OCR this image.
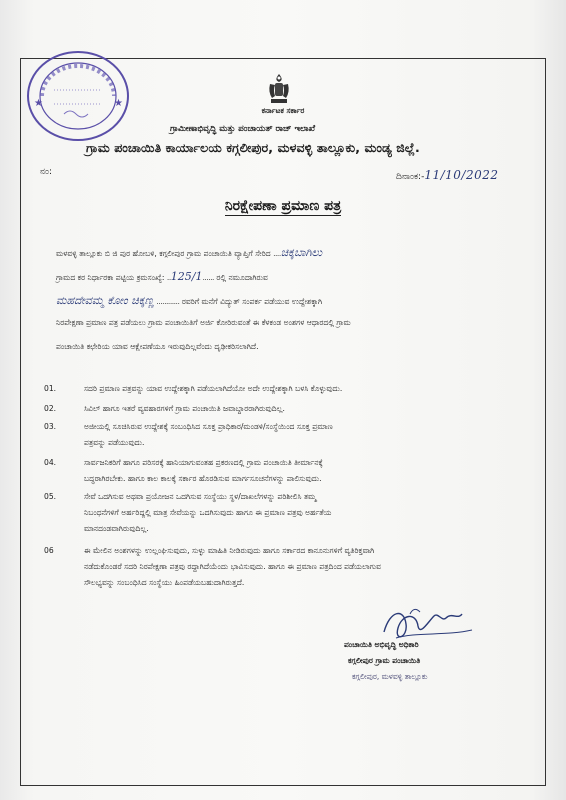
★	★
ಕರ್ನಾಟಕ ಸರ್ಕಾರ
ಗ್ರಾಮೀಣಾಭಿವೃದ್ಧಿ ಮತ್ತು ಪಂಚಾಯತ್ ರಾಜ್ ಇಲಾಖೆ
ಗ್ರಾಮ ಪಂಚಾಯಿತಿ ಕಾರ್ಯಾಲಯ ಕಗ್ಗಲೀಪುರ, ಮಳವಳ್ಳಿ ತಾಲ್ಲೂಕು, ಮಂಡ್ಯ ಜಿಲ್ಲೆ.
ನಂ:	ದಿನಾಂಕ:-11/10/2022
ನಿರಕ್ಷೇಪಣಾ ಪ್ರಮಾಣ ಪತ್ರ
ಮಳವಳ್ಳಿ ತಾಲ್ಲೂಕು ಬಿ ಜಿ ಪುರ ಹೋಬಳಿ, ಕಗ್ಗಲೀಪುರ ಗ್ರಾಮ ಪಂಚಾಯಿತಿ ವ್ಯಾಪ್ತಿಗೆ ಸೇರಿದ ....ಚಿಕ್ಕಬಾಗಿಲು
ಗ್ರಾಮದ ಕರ ನಿರ್ಧಾರಕಾ ಪಟ್ಟಿಯ ಕ್ರಮಸಂಖ್ಯೆ: ..125/1...... ರಲ್ಲಿ ನಮೂದಾಗಿರುವ
ಮಹದೇವಮ್ಮ ಕೋಂ ಚಿಕ್ಕಣ್ಣ ............ ರವರಿಗೆ ಮನೆಗೆ ವಿದ್ಯುತ್ ಸಂಪರ್ಕ ಪಡೆಯುವ ಉದ್ದೇಶಕ್ಕಾಗಿ
ನಿರಪೇಕ್ಷಣಾ ಪ್ರಮಾಣ ಪತ್ರ ಪಡೆಯಲು ಗ್ರಾಮ ಪಂಚಾಯಿತಿಗೆ ಅರ್ಜಿ ಕೋರಿರುವಂತೆ ಈ ಕೆಳಕಂಡ ಅಂಶಗಳ ಆಧಾರದಲ್ಲಿ ಗ್ರಾಮ
ಪಂಚಾಯಿತಿ ಕಛೇರಿಯ ಯಾವ ಆಕ್ಷೇಪಣೆಯೂ ಇರುವುದಿಲ್ಲವೆಂದು ದೃಢೀಕರಿಸಲಾಗಿದೆ.
01.	ಸದರಿ ಪ್ರಮಾಣ ಪತ್ರವನ್ನು ಯಾವ ಉದ್ದೇಶಕ್ಕಾಗಿ ಪಡೆಯಲಾಗಿದೆಯೋ ಅದೇ ಉದ್ದೇಶಕ್ಕಾಗಿ ಬಳಸಿ ಕೊಳ್ಳುವುದು.
02.	ಸಿವಿಲ್ ಹಾಗೂ ಇತರೆ ವ್ಯವಹಾರಗಳಿಗೆ ಗ್ರಾಮ ಪಂಚಾಯಿತಿ ಜವಾಬ್ದಾರರಾಗಿರುವುದಿಲ್ಲ.
03.	ಅಜೀಯಲ್ಲಿ ಸೂಚಿಸಿರುವ ಉದ್ದೇಶಕ್ಕೆ ಸಂಬಂಧಿಸಿದ ಸೂಕ್ತ ಪ್ರಾಧಿಕಾರ/ಮಂಡಳಿ/ಸಂಸ್ಥೆಯಿಂದ ಸೂಕ್ತ ಪ್ರಮಾಣ
ಪತ್ರವನ್ನು ಪಡೆಯುವುದು.
04.	ಸಾರ್ವಜನಿಕರಿಗೆ ಹಾಗೂ ಪರಿಸರಕ್ಕೆ ಹಾನಿಯಾಗುವಂತಹ ಪ್ರಕರಣದಲ್ಲಿ ಗ್ರಾಮ ಪಂಚಾಯಿತಿ ತೀರ್ಮಾನಕ್ಕೆ
ಬದ್ಧರಾಗಿರಬೇಕು. ಹಾಗೂ ಕಾಲ ಕಾಲಕ್ಕೆ ಸರ್ಕಾರ ಹೊರಡಿಸುವ ಮಾರ್ಗಸೂಚನೆಗಳನ್ನು ಪಾಲಿಸುವುದು.
05.	ಸೇವೆ ಒದಗಿಸುವ ಅಥವಾ ಪ್ರಯೋಜನ ಒದಗಿಸುವ ಸಂಸ್ಥೆಯು ಸ್ಥಳ/ದಾಖಲೆಗಳನ್ನು ಪರಿಶೀಲಿಸಿ ತಮ್ಮ
ನಿಬಂಧನೆಗಳಿಗೆ ಅರ್ಹರಿದ್ದಲ್ಲಿ ಮಾತ್ರ ಸೇವೆಯನ್ನು ಒದಗಿಸುವುದು ಹಾಗೂ ಈ ಪ್ರಮಾಣ ಪತ್ರವು ಅರ್ಹತೆಯ
ಮಾನದಂಡವಾಗಿರುವುದಿಲ್ಲ.
06	ಈ ಮೇಲಿನ ಅಂಶಗಳನ್ನು ಉಲ್ಲಂಘಿಸುವುದು, ಸುಳ್ಳು ಮಾಹಿತಿ ನೀಡಿರುವುದು ಹಾಗೂ ಸರ್ಕಾರದ ಕಾನೂನುಗಳಿಗೆ ವ್ಯತಿರಿಕ್ತವಾಗಿ
ನಡೆದುಕೊಂಡರೆ ಸದರಿ ನಿರಪೇಕ್ಷಣಾ ಪತ್ರವು ರದ್ದಾಗಿದೆಯೆಂದು ಭಾವಿಸುವುದು. ಹಾಗೂ ಈ ಪ್ರಮಾಣ ಪತ್ರದಿಂದ ಪಡೆಯಲಾಗುವ
ಸೌಲಭ್ಯವನ್ನು ಸಂಬಂಧಿಸಿದ ಸಂಸ್ಥೆಯು ಹಿಂಪಡೆಯಬಹುದಾಗಿರುತ್ತದೆ.
ಪಂಚಾಯಿತಿ ಅಭಿವೃದ್ಧಿ ಅಧಿಕಾರಿ
ಕಗ್ಗಲೀಪುರ ಗ್ರಾಮ ಪಂಚಾಯಿತಿ
ಕಗ್ಗಲೀಪುರ, ಮಳವಳ್ಳಿ ತಾಲ್ಲೂಕು
